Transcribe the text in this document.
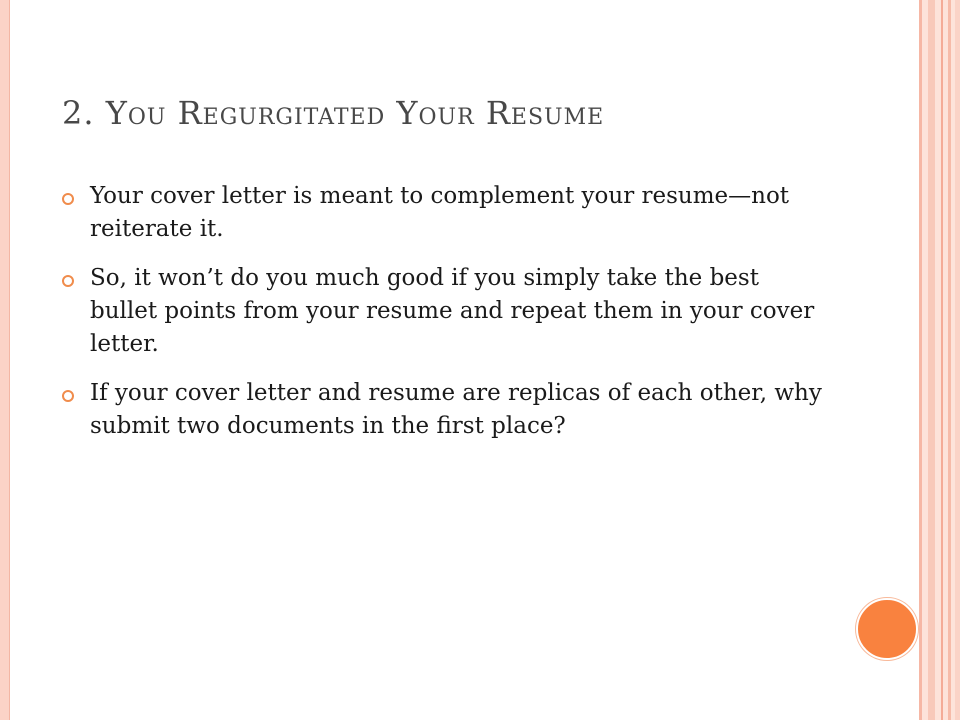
2. You Regurgitated Your Resume
Your cover letter is meant to complement your resume—not reiterate it.
So, it won’t do you much good if you simply take the best bullet points from your resume and repeat them in your cover letter.
If your cover letter and resume are replicas of each other, why submit two documents in the first place?
